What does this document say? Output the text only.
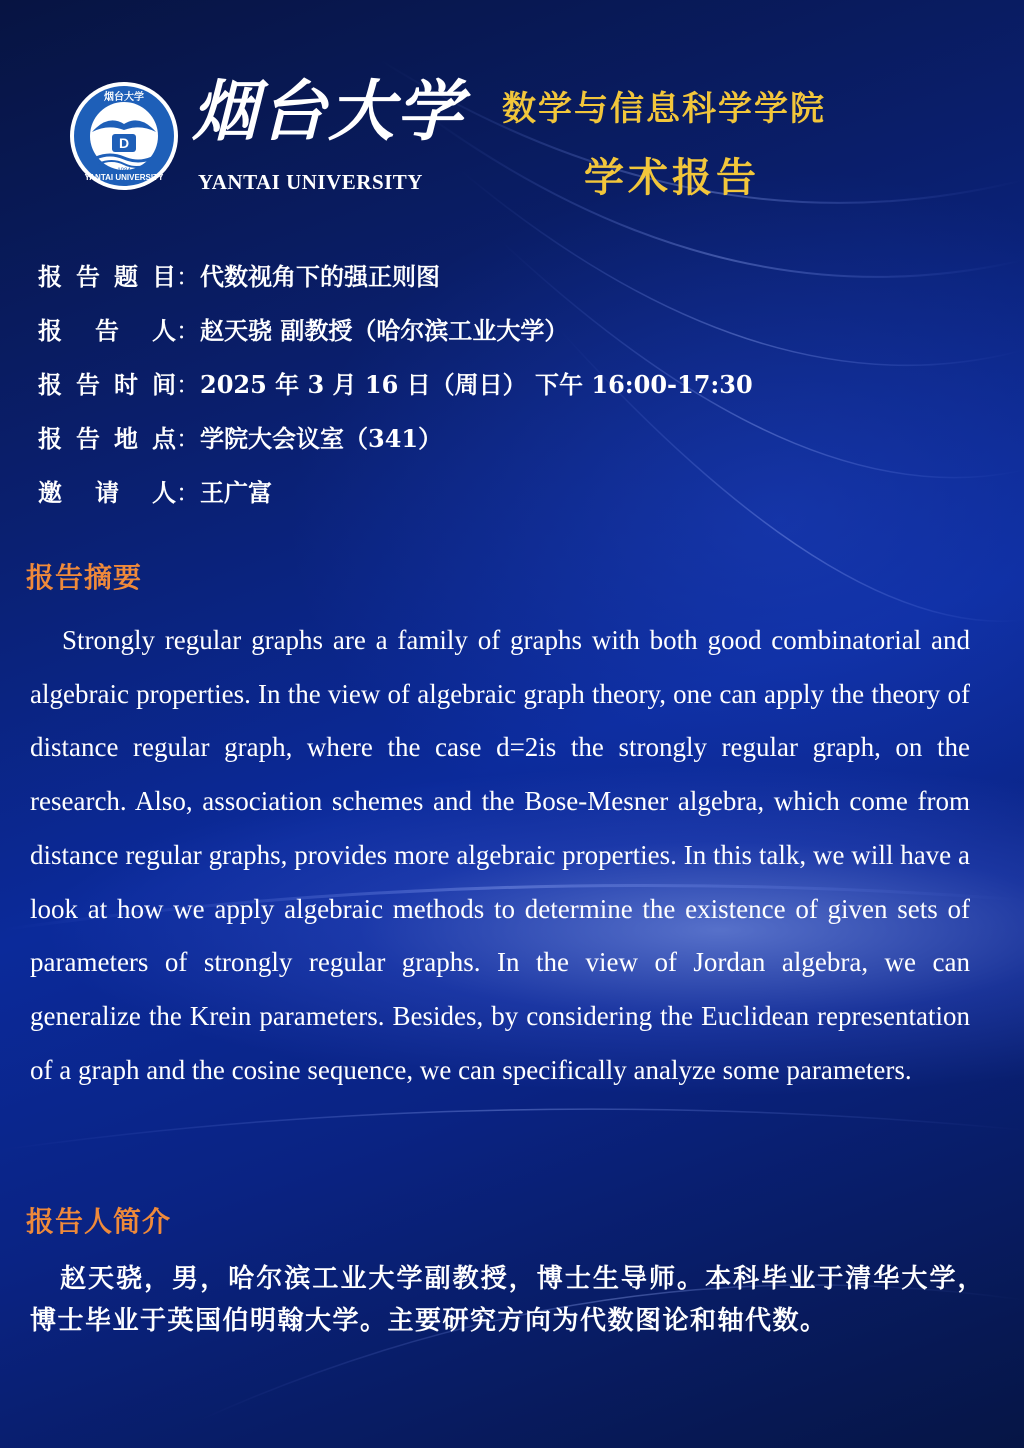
D
烟台大学
YANTAI UNIVERSITY
1984
烟台大学
YANTAI UNIVERSITY
数学与信息科学学院
学术报告
报告题目 ： 代数视角下的强正则图
报告人 ： 赵天骁 副教授（哈尔滨工业大学）
报告时间 ： 2025 年 3 月 16 日（周日） 下午 16:00-17:30
报告地点 ： 学院大会议室（341）
邀请人 ： 王广富
报告摘要
Strongly regular graphs are a family of graphs with both good combinatorial and algebraic properties. In the view of algebraic graph theory, one can apply the theory of distance regular graph, where the case d=2is the strongly regular graph, on the research. Also, association schemes and the Bose-Mesner algebra, which come from distance regular graphs, provides more algebraic properties. In this talk, we will have a look at how we apply algebraic methods to determine the existence of given sets of parameters of strongly regular graphs. In the view of Jordan algebra, we can generalize the Krein parameters. Besides, by considering the Euclidean representation of a graph and the cosine sequence, we can specifically analyze some parameters.
报告人简介
赵天骁，男，哈尔滨工业大学副教授，博士生导师。本科毕业于清华大学，博士毕业于英国伯明翰大学。主要研究方向为代数图论和轴代数。
